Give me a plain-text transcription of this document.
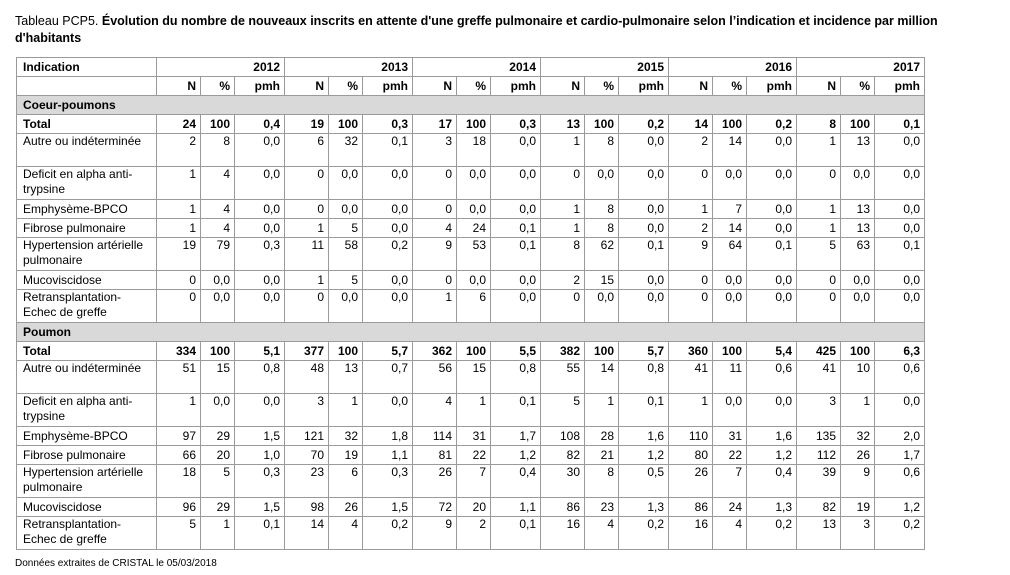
Tableau PCP5. Évolution du nombre de nouveaux inscrits en attente d'une greffe pulmonaire et cardio-pulmonaire selon l’indication et incidence par million d'habitants
Indication	2012			2013			2014			2015			2016			2017		
	N	%	pmh	N	%	pmh	N	%	pmh	N	%	pmh	N	%	pmh	N	%	pmh
Coeur-poumons																		
Total	24	100	0,4	19	100	0,3	17	100	0,3	13	100	0,2	14	100	0,2	8	100	0,1
Autre ou indéterminée	2	8	0,0	6	32	0,1	3	18	0,0	1	8	0,0	2	14	0,0	1	13	0,0
Deficit en alpha anti-trypsine	1	4	0,0	0	0,0	0,0	0	0,0	0,0	0	0,0	0,0	0	0,0	0,0	0	0,0	0,0
Emphysème-BPCO	1	4	0,0	0	0,0	0,0	0	0,0	0,0	1	8	0,0	1	7	0,0	1	13	0,0
Fibrose pulmonaire	1	4	0,0	1	5	0,0	4	24	0,1	1	8	0,0	2	14	0,0	1	13	0,0
Hypertension artérielle pulmonaire	19	79	0,3	11	58	0,2	9	53	0,1	8	62	0,1	9	64	0,1	5	63	0,1
Mucoviscidose	0	0,0	0,0	1	5	0,0	0	0,0	0,0	2	15	0,0	0	0,0	0,0	0	0,0	0,0
Retransplantation-Echec de greffe	0	0,0	0,0	0	0,0	0,0	1	6	0,0	0	0,0	0,0	0	0,0	0,0	0	0,0	0,0
Poumon																		
Total	334	100	5,1	377	100	5,7	362	100	5,5	382	100	5,7	360	100	5,4	425	100	6,3
Autre ou indéterminée	51	15	0,8	48	13	0,7	56	15	0,8	55	14	0,8	41	11	0,6	41	10	0,6
Deficit en alpha anti-trypsine	1	0,0	0,0	3	1	0,0	4	1	0,1	5	1	0,1	1	0,0	0,0	3	1	0,0
Emphysème-BPCO	97	29	1,5	121	32	1,8	114	31	1,7	108	28	1,6	110	31	1,6	135	32	2,0
Fibrose pulmonaire	66	20	1,0	70	19	1,1	81	22	1,2	82	21	1,2	80	22	1,2	112	26	1,7
Hypertension artérielle pulmonaire	18	5	0,3	23	6	0,3	26	7	0,4	30	8	0,5	26	7	0,4	39	9	0,6
Mucoviscidose	96	29	1,5	98	26	1,5	72	20	1,1	86	23	1,3	86	24	1,3	82	19	1,2
Retransplantation-Echec de greffe	5	1	0,1	14	4	0,2	9	2	0,1	16	4	0,2	16	4	0,2	13	3	0,2
Données extraites de CRISTAL le 05/03/2018
